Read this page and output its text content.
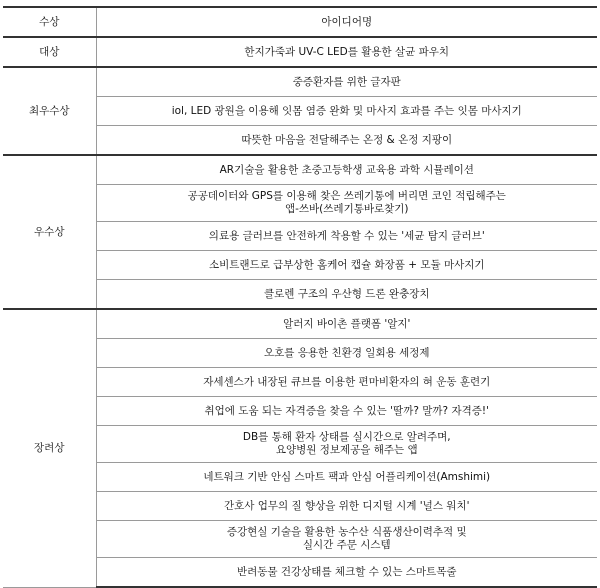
수상	아이디어명
대상	한지가죽과 UV-C LED를 활용한 살균 파우치

최우수상	중증환자를 위한 글자판

	iol, LED 광원을 이용해 잇몸 염증 완화 및 마사지 효과를 주는 잇몸 마사지기

	따뜻한 마음을 전달해주는 온정 & 온정 지팡이

우수상	AR기술을 활용한 초중고등학생 교육용 과학 시뮬레이션

	공공데이터와 GPS를 이용해 찾은 쓰레기통에 버리면 코인 적립해주는
앱-쓰바(쓰레기통바로찾기)

	의료용 글러브를 안전하게 착용할 수 있는 '세균 탐지 글러브'

	소비트랜드로 급부상한 홈케어 캡슐 화장품 + 모듈 마사지기

	클로렌 구조의 우산형 드론 완충장치

장려상	알러지 바이촌 플랫폼 '알지'

	오호를 응용한 친환경 일회용 세정제

	자세센스가 내장된 큐브를 이용한 편마비환자의 혀 운동 훈련기

	취업에 도움 되는 자격증을 찾을 수 있는 '딸까? 말까? 자격증!'

	DB를 통해 환자 상태를 실시간으로 알려주며,
요양병원 정보제공을 해주는 앱

	네트워크 기반 안심 스마트 팩과 안심 어플리케이션(Amshimi)

	간호사 업무의 질 향상을 위한 디지털 시계 '널스 워치'

	증강현실 기술을 활용한 농수산 식품생산이력추적 및
실시간 주문 시스템

	반려동물 건강상태를 체크할 수 있는 스마트목줄
